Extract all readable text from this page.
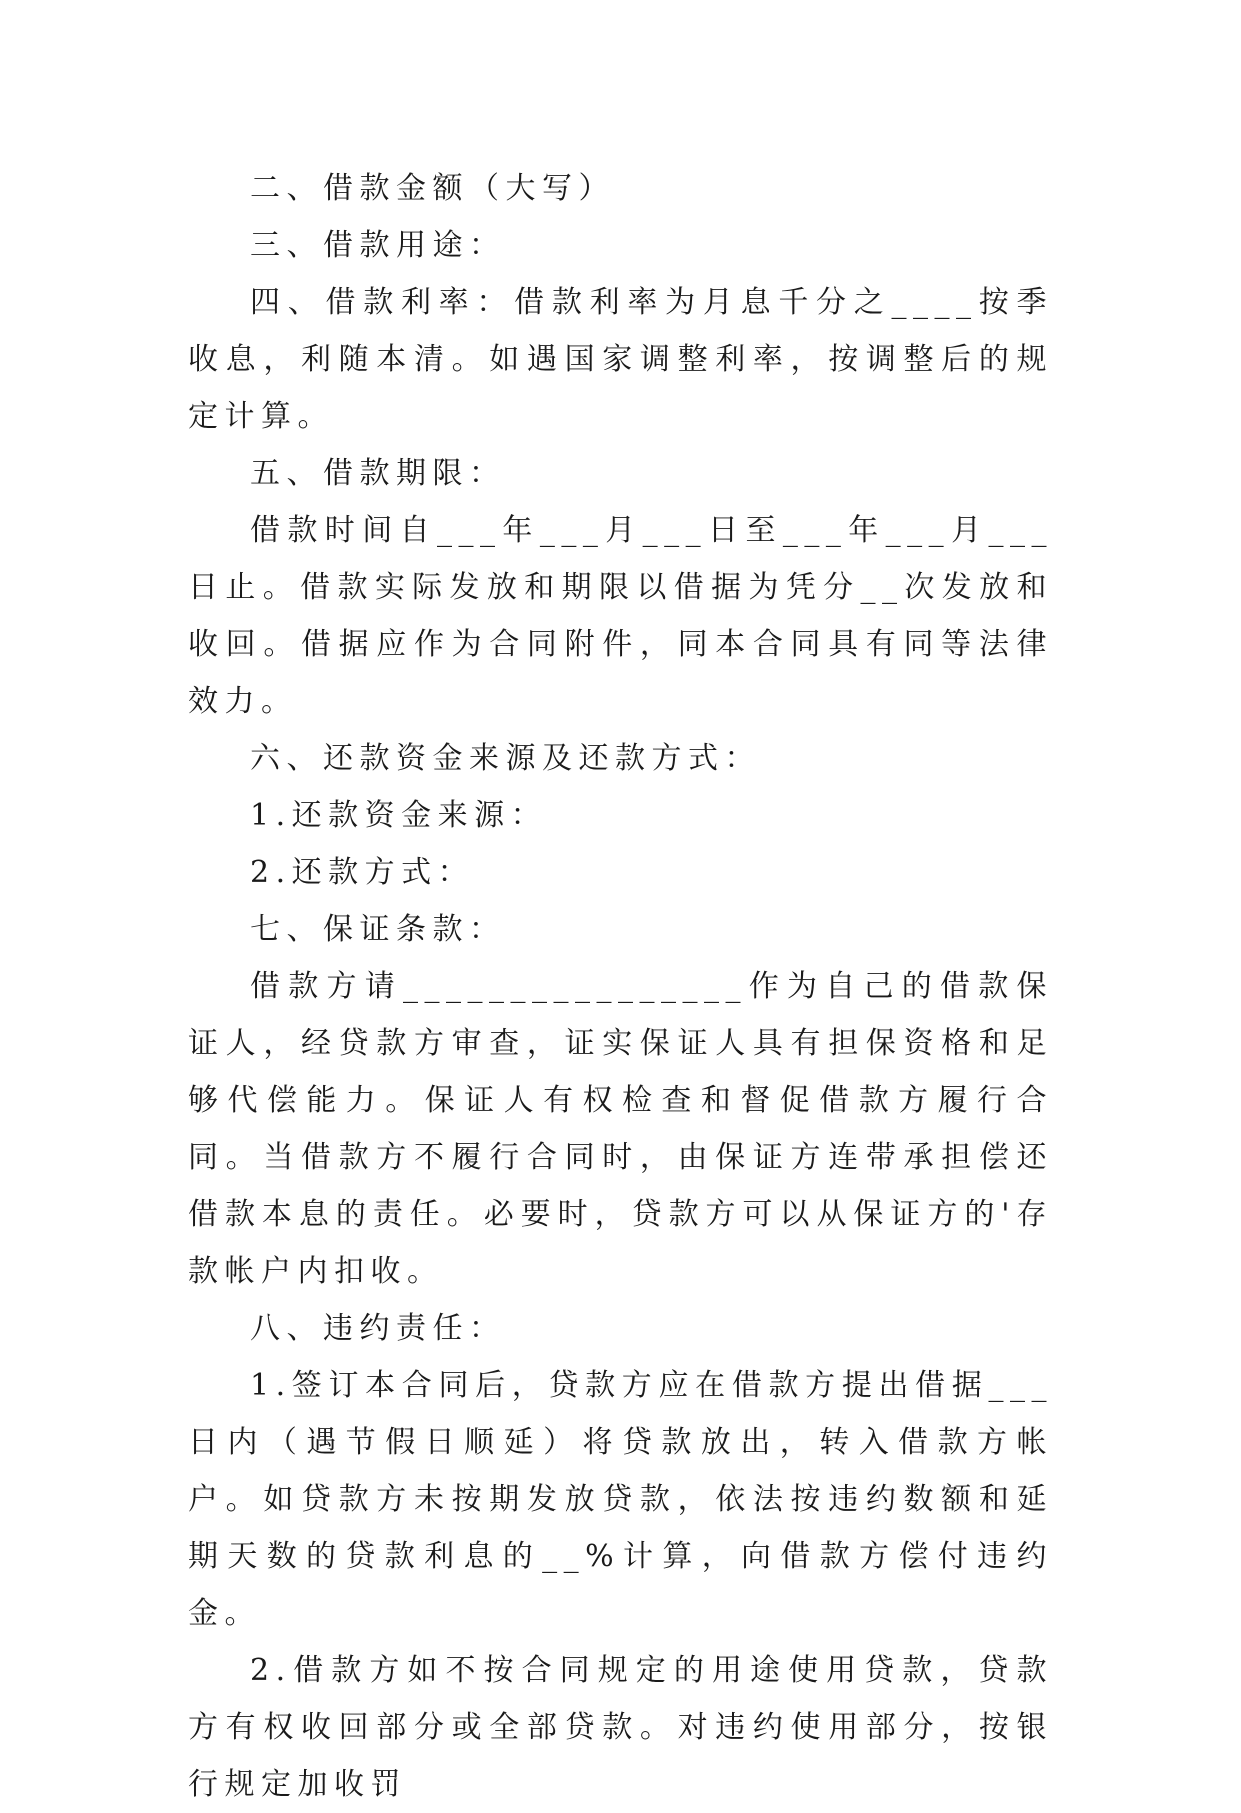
二、借款金额（大写）

三、借款用途：

四、借款利率：借款利率为月息千分之____按季收息，利随本清。如遇国家调整利率，按调整后的规定计算。

五、借款期限：

借款时间自___年___月___日至___年___月___日止。借款实际发放和期限以借据为凭分__次发放和收回。借据应作为合同附件，同本合同具有同等法律效力。

六、还款资金来源及还款方式：

1.还款资金来源：

2.还款方式：

七、保证条款：

借款方请________________作为自己的借款保证人，经贷款方审查，证实保证人具有担保资格和足够代偿能力。保证人有权检查和督促借款方履行合同。当借款方不履行合同时，由保证方连带承担偿还借款本息的责任。必要时，贷款方可以从保证方的'存款帐户内扣收。

八、违约责任：

1.签订本合同后，贷款方应在借款方提出借据___日内（遇节假日顺延）将贷款放出，转入借款方帐户。如贷款方未按期发放贷款，依法按违约数额和延期天数的贷款利息的__%计算，向借款方偿付违约金。

2.借款方如不按合同规定的用途使用贷款，贷款方有权收回部分或全部贷款。对违约使用部分，按银行规定加收罚
